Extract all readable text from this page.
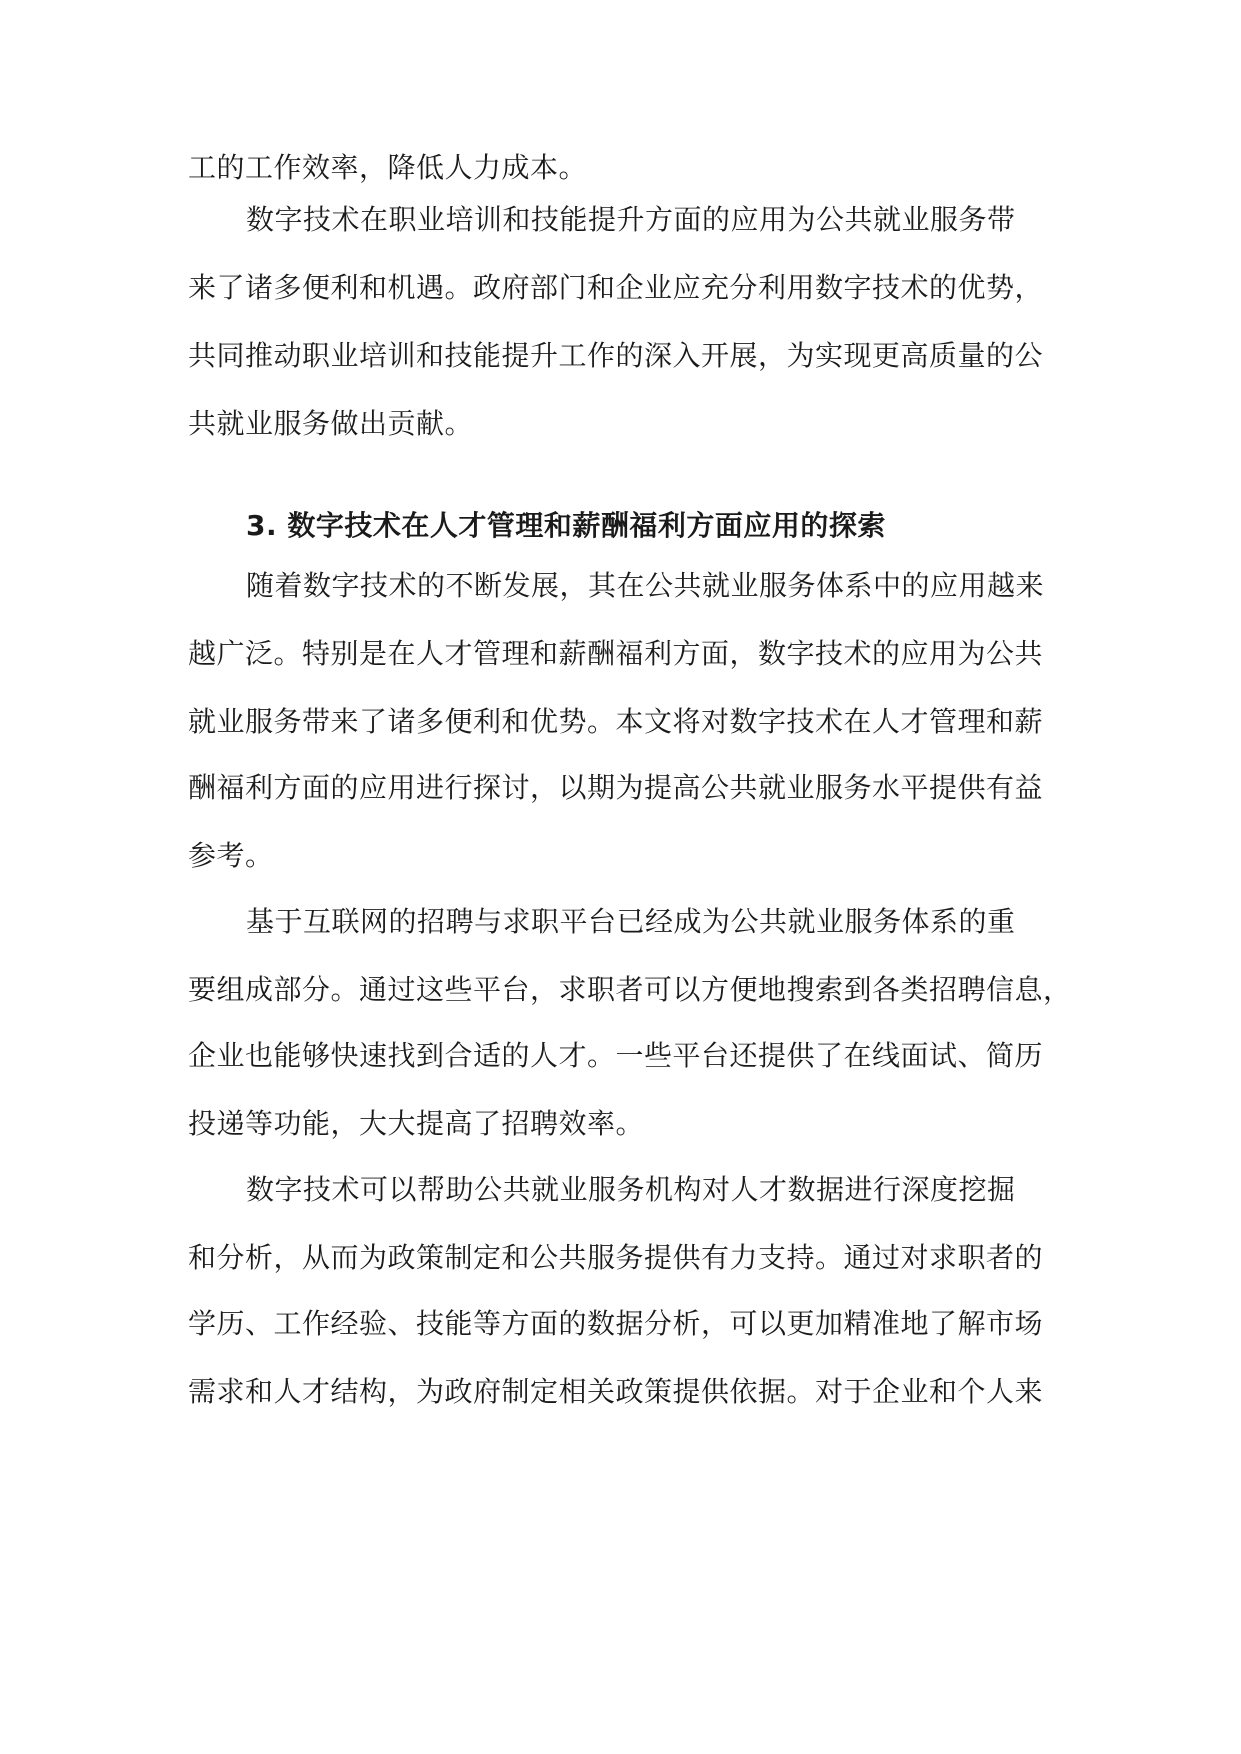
工的工作效率，降低人力成本。

数字技术在职业培训和技能提升方面的应用为公共就业服务带

来了诸多便利和机遇。政府部门和企业应充分利用数字技术的优势，

共同推动职业培训和技能提升工作的深入开展，为实现更高质量的公

共就业服务做出贡献。

3. 数字技术在人才管理和薪酬福利方面应用的探索

随着数字技术的不断发展，其在公共就业服务体系中的应用越来

越广泛。特别是在人才管理和薪酬福利方面，数字技术的应用为公共

就业服务带来了诸多便利和优势。本文将对数字技术在人才管理和薪

酬福利方面的应用进行探讨，以期为提高公共就业服务水平提供有益

参考。

基于互联网的招聘与求职平台已经成为公共就业服务体系的重

要组成部分。通过这些平台，求职者可以方便地搜索到各类招聘信息，

企业也能够快速找到合适的人才。一些平台还提供了在线面试、简历

投递等功能，大大提高了招聘效率。

数字技术可以帮助公共就业服务机构对人才数据进行深度挖掘

和分析，从而为政策制定和公共服务提供有力支持。通过对求职者的

学历、工作经验、技能等方面的数据分析，可以更加精准地了解市场

需求和人才结构，为政府制定相关政策提供依据。对于企业和个人来
